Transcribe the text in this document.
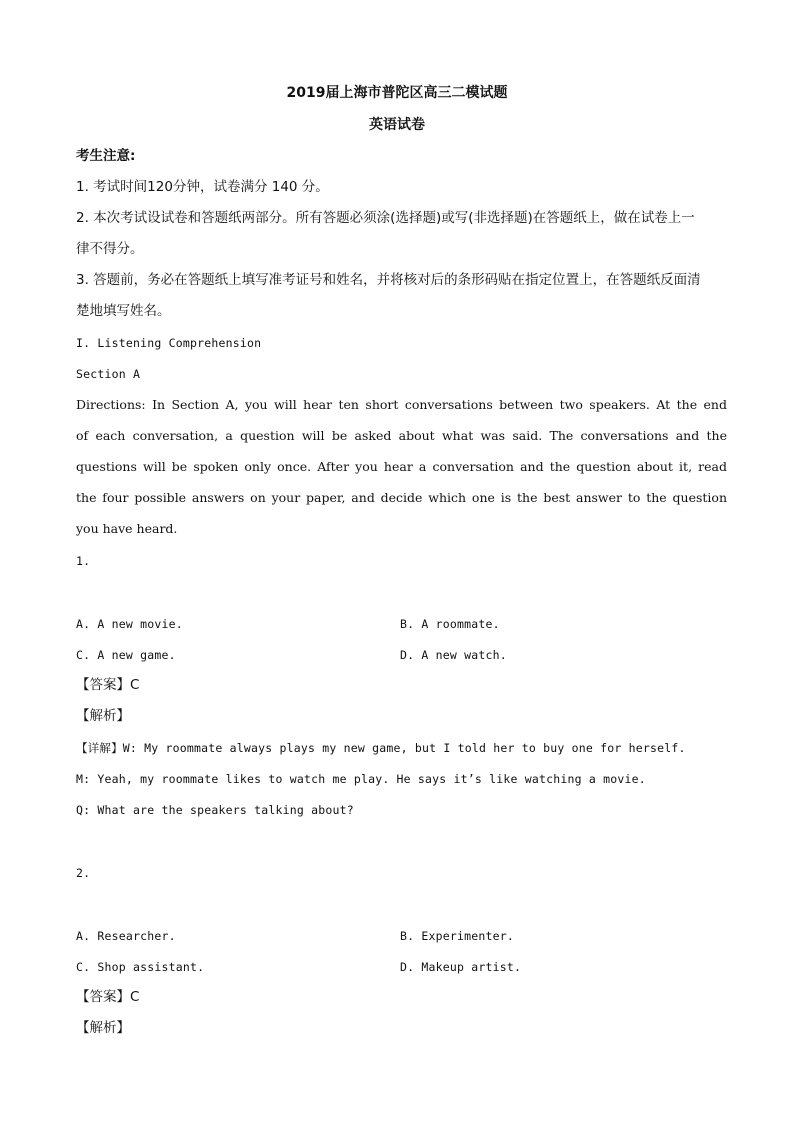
2019届上海市普陀区高三二模试题
英语试卷
考生注意:
1. 考试时间120分钟，试卷满分 140 分。
2. 本次考试设试卷和答题纸两部分。所有答题必须涂(选择题)或写(非选择题)在答题纸上，做在试卷上一
律不得分。
3. 答题前，务必在答题纸上填写准考证号和姓名，并将核对后的条形码贴在指定位置上，在答题纸反面清
楚地填写姓名。
I. Listening Comprehension
Section A
Directions: In Section A, you will hear ten short conversations between two speakers. At the end
of each conversation, a question will be asked about what was said. The conversations and the
questions will be spoken only once. After you hear a conversation and the question about it, read
the four possible answers on your paper, and decide which one is the best answer to the question
you have heard.
1.
A. A new movie.	B. A roommate.
C. A new game.	D. A new watch.
【答案】C
【解析】
【详解】W: My roommate always plays my new game, but I told her to buy one for herself.
M: Yeah, my roommate likes to watch me play. He says it’s like watching a movie.
Q: What are the speakers talking about?
2.
A. Researcher.	B. Experimenter.
C. Shop assistant.	D. Makeup artist.
【答案】C
【解析】
